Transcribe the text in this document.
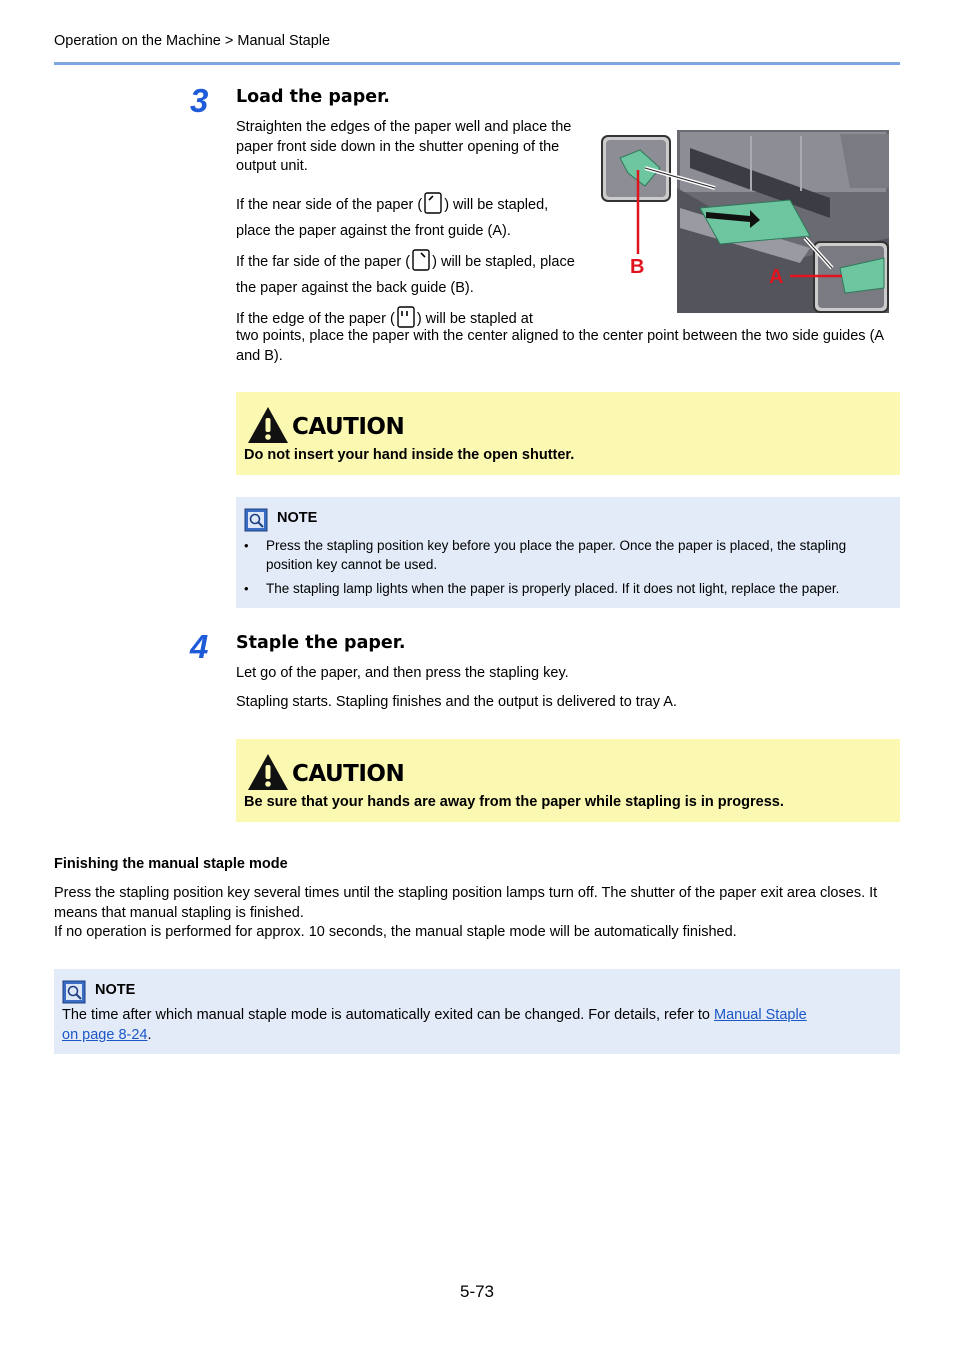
Operation on the Machine > Manual Staple
3 Load the paper.
Straighten the edges of the paper well and place the paper front side down in the shutter opening of the output unit.
If the near side of the paper ( ) will be stapled, place the paper against the front guide (A).
If the far side of the paper ( ) will be stapled, place the paper against the back guide (B).
If the edge of the paper ( ) will be stapled at
two points, place the paper with the center aligned to the center point between the two side guides (A and B).
B	A
CAUTION
Do not insert your hand inside the open shutter.
NOTE
• Press the stapling position key before you place the paper. Once the paper is placed, the stapling position key cannot be used.
• The stapling lamp lights when the paper is properly placed. If it does not light, replace the paper.
4 Staple the paper.
Let go of the paper, and then press the stapling key.
Stapling starts. Stapling finishes and the output is delivered to tray A.
CAUTION
Be sure that your hands are away from the paper while stapling is in progress.
Finishing the manual staple mode
Press the stapling position key several times until the stapling position lamps turn off. The shutter of the paper exit area closes. It means that manual stapling is finished.
If no operation is performed for approx. 10 seconds, the manual staple mode will be automatically finished.
NOTE
The time after which manual staple mode is automatically exited can be changed. For details, refer to Manual Staple
on page 8-24.
5-73
